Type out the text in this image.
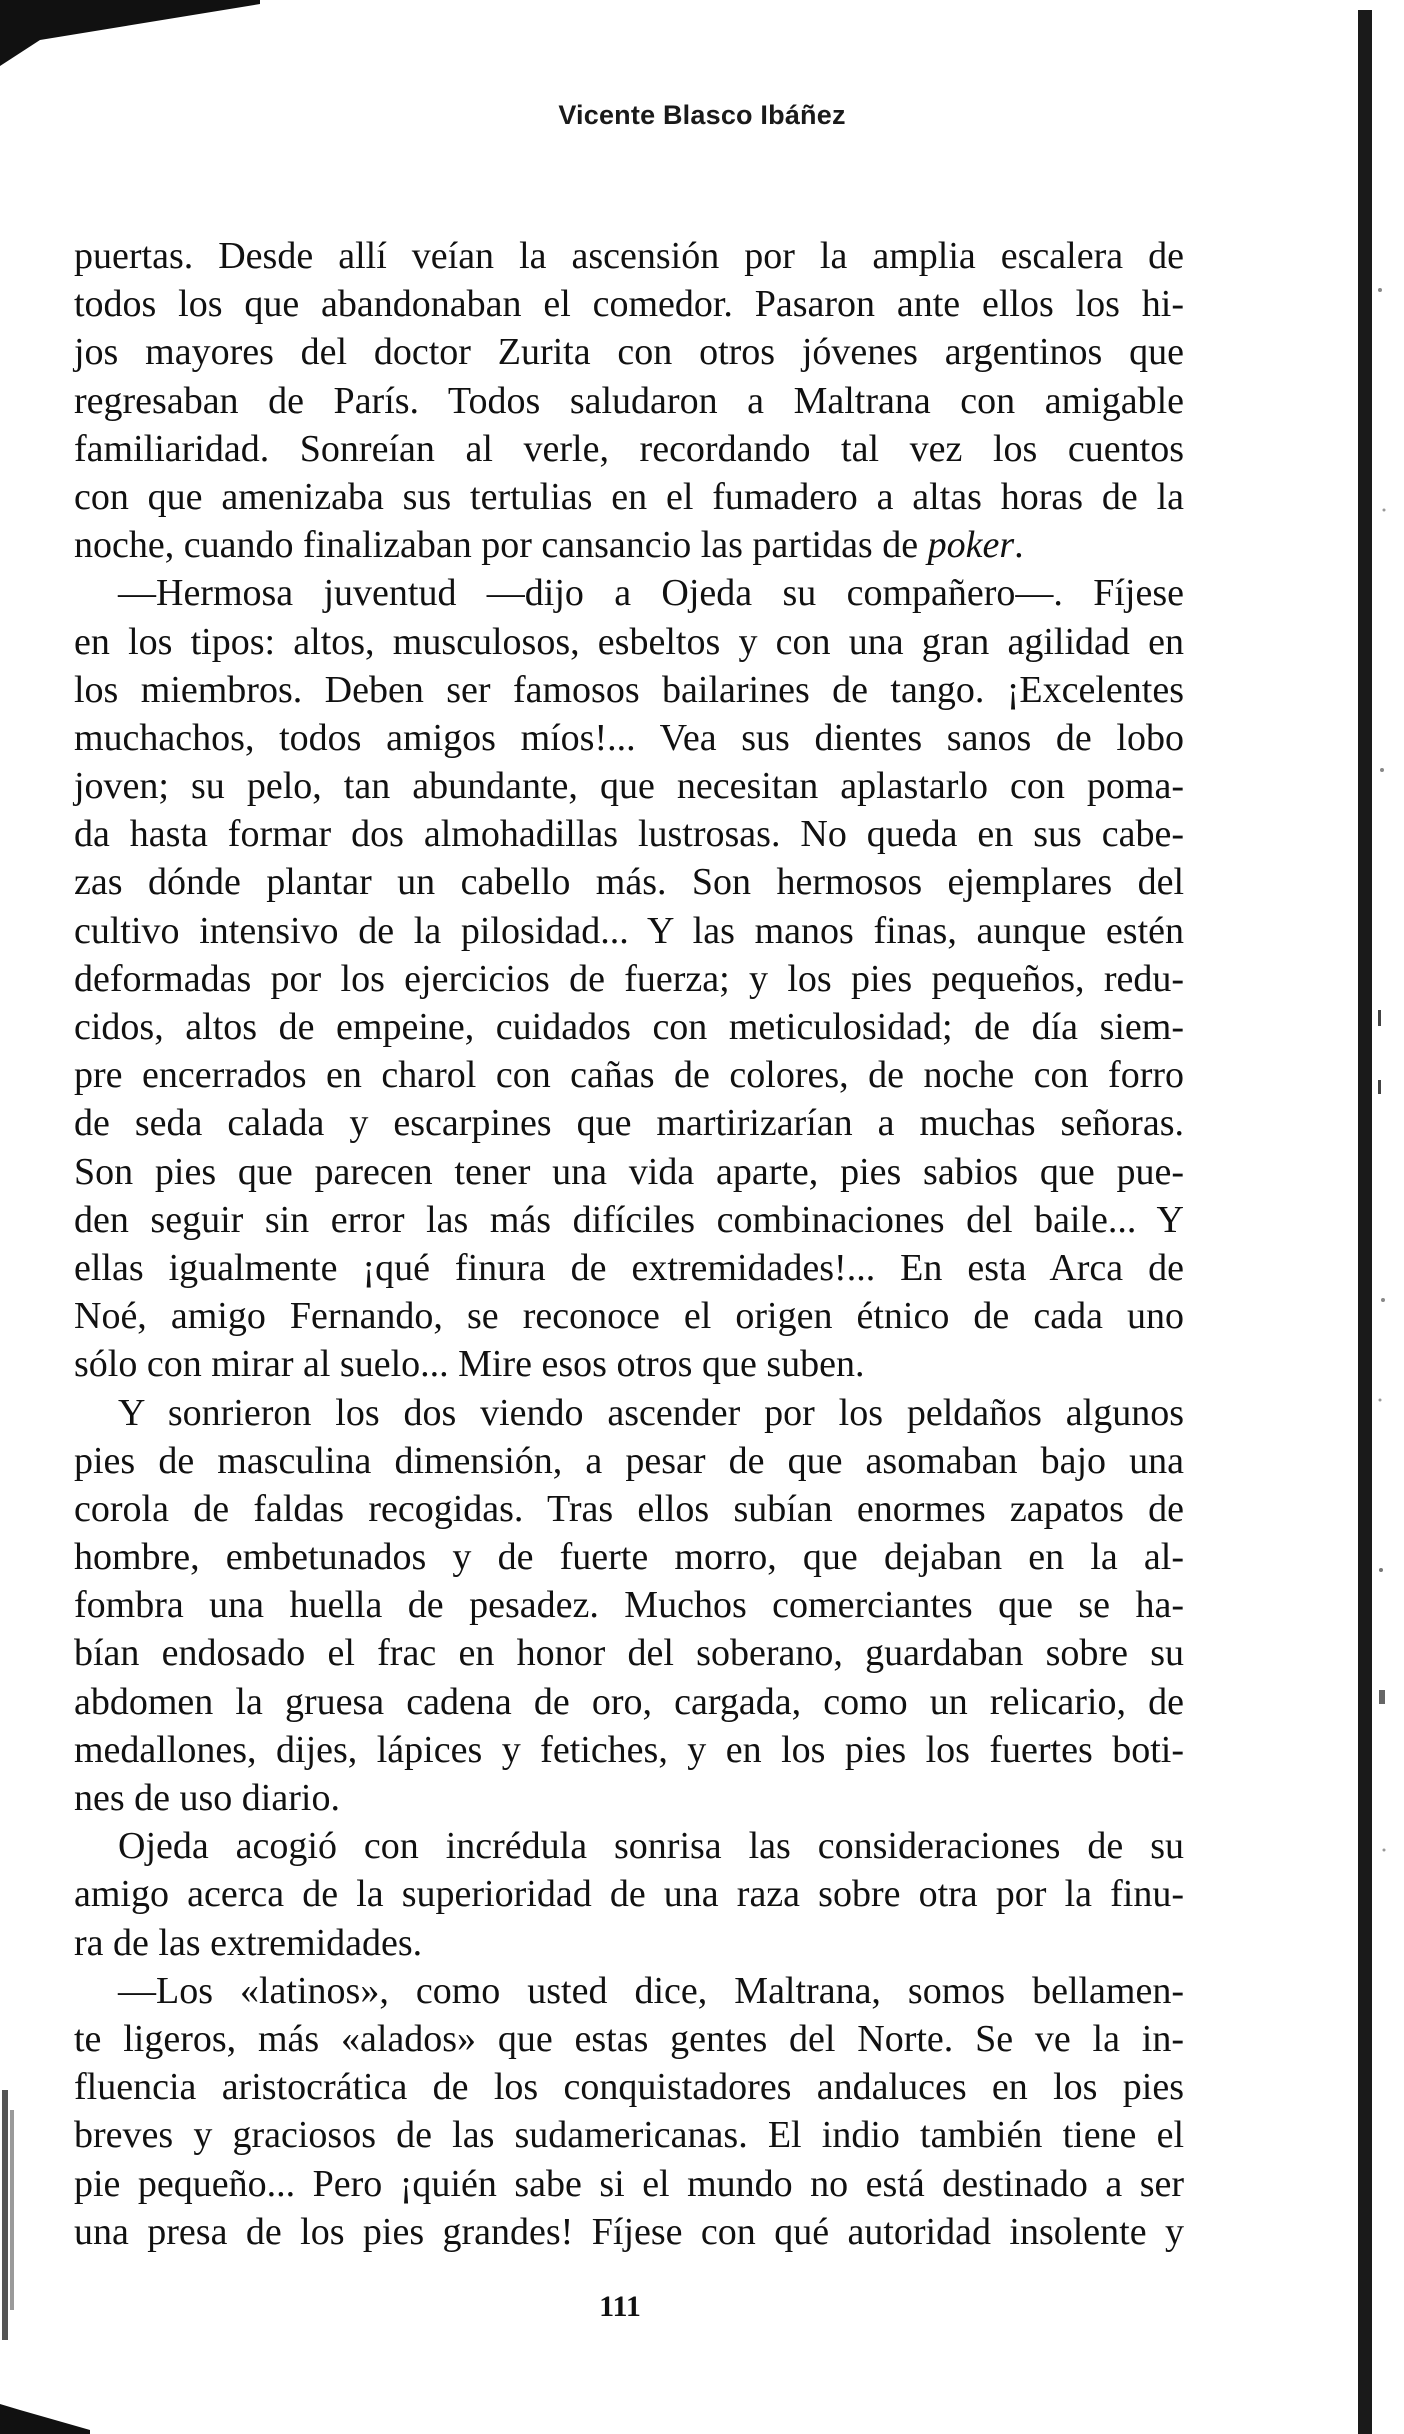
Vicente Blasco Ibáñez
puertas. Desde allí veían la ascensión por la amplia escalera de
todos los que abandonaban el comedor. Pasaron ante ellos los hi-
jos mayores del doctor Zurita con otros jóvenes argentinos que
regresaban de París. Todos saludaron a Maltrana con amigable
familiaridad. Sonreían al verle, recordando tal vez los cuentos
con que amenizaba sus tertulias en el fumadero a altas horas de la
noche, cuando finalizaban por cansancio las partidas de poker.
—Hermosa juventud —dijo a Ojeda su compañero—. Fíjese
en los tipos: altos, musculosos, esbeltos y con una gran agilidad en
los miembros. Deben ser famosos bailarines de tango. ¡Excelentes
muchachos, todos amigos míos!... Vea sus dientes sanos de lobo
joven; su pelo, tan abundante, que necesitan aplastarlo con poma-
da hasta formar dos almohadillas lustrosas. No queda en sus cabe-
zas dónde plantar un cabello más. Son hermosos ejemplares del
cultivo intensivo de la pilosidad... Y las manos finas, aunque estén
deformadas por los ejercicios de fuerza; y los pies pequeños, redu-
cidos, altos de empeine, cuidados con meticulosidad; de día siem-
pre encerrados en charol con cañas de colores, de noche con forro
de seda calada y escarpines que martirizarían a muchas señoras.
Son pies que parecen tener una vida aparte, pies sabios que pue-
den seguir sin error las más difíciles combinaciones del baile... Y
ellas igualmente ¡qué finura de extremidades!... En esta Arca de
Noé, amigo Fernando, se reconoce el origen étnico de cada uno
sólo con mirar al suelo... Mire esos otros que suben.
Y sonrieron los dos viendo ascender por los peldaños algunos
pies de masculina dimensión, a pesar de que asomaban bajo una
corola de faldas recogidas. Tras ellos subían enormes zapatos de
hombre, embetunados y de fuerte morro, que dejaban en la al-
fombra una huella de pesadez. Muchos comerciantes que se ha-
bían endosado el frac en honor del soberano, guardaban sobre su
abdomen la gruesa cadena de oro, cargada, como un relicario, de
medallones, dijes, lápices y fetiches, y en los pies los fuertes boti-
nes de uso diario.
Ojeda acogió con incrédula sonrisa las consideraciones de su
amigo acerca de la superioridad de una raza sobre otra por la finu-
ra de las extremidades.
—Los «latinos», como usted dice, Maltrana, somos bellamen-
te ligeros, más «alados» que estas gentes del Norte. Se ve la in-
fluencia aristocrática de los conquistadores andaluces en los pies
breves y graciosos de las sudamericanas. El indio también tiene el
pie pequeño... Pero ¡quién sabe si el mundo no está destinado a ser
una presa de los pies grandes! Fíjese con qué autoridad insolente y
111
